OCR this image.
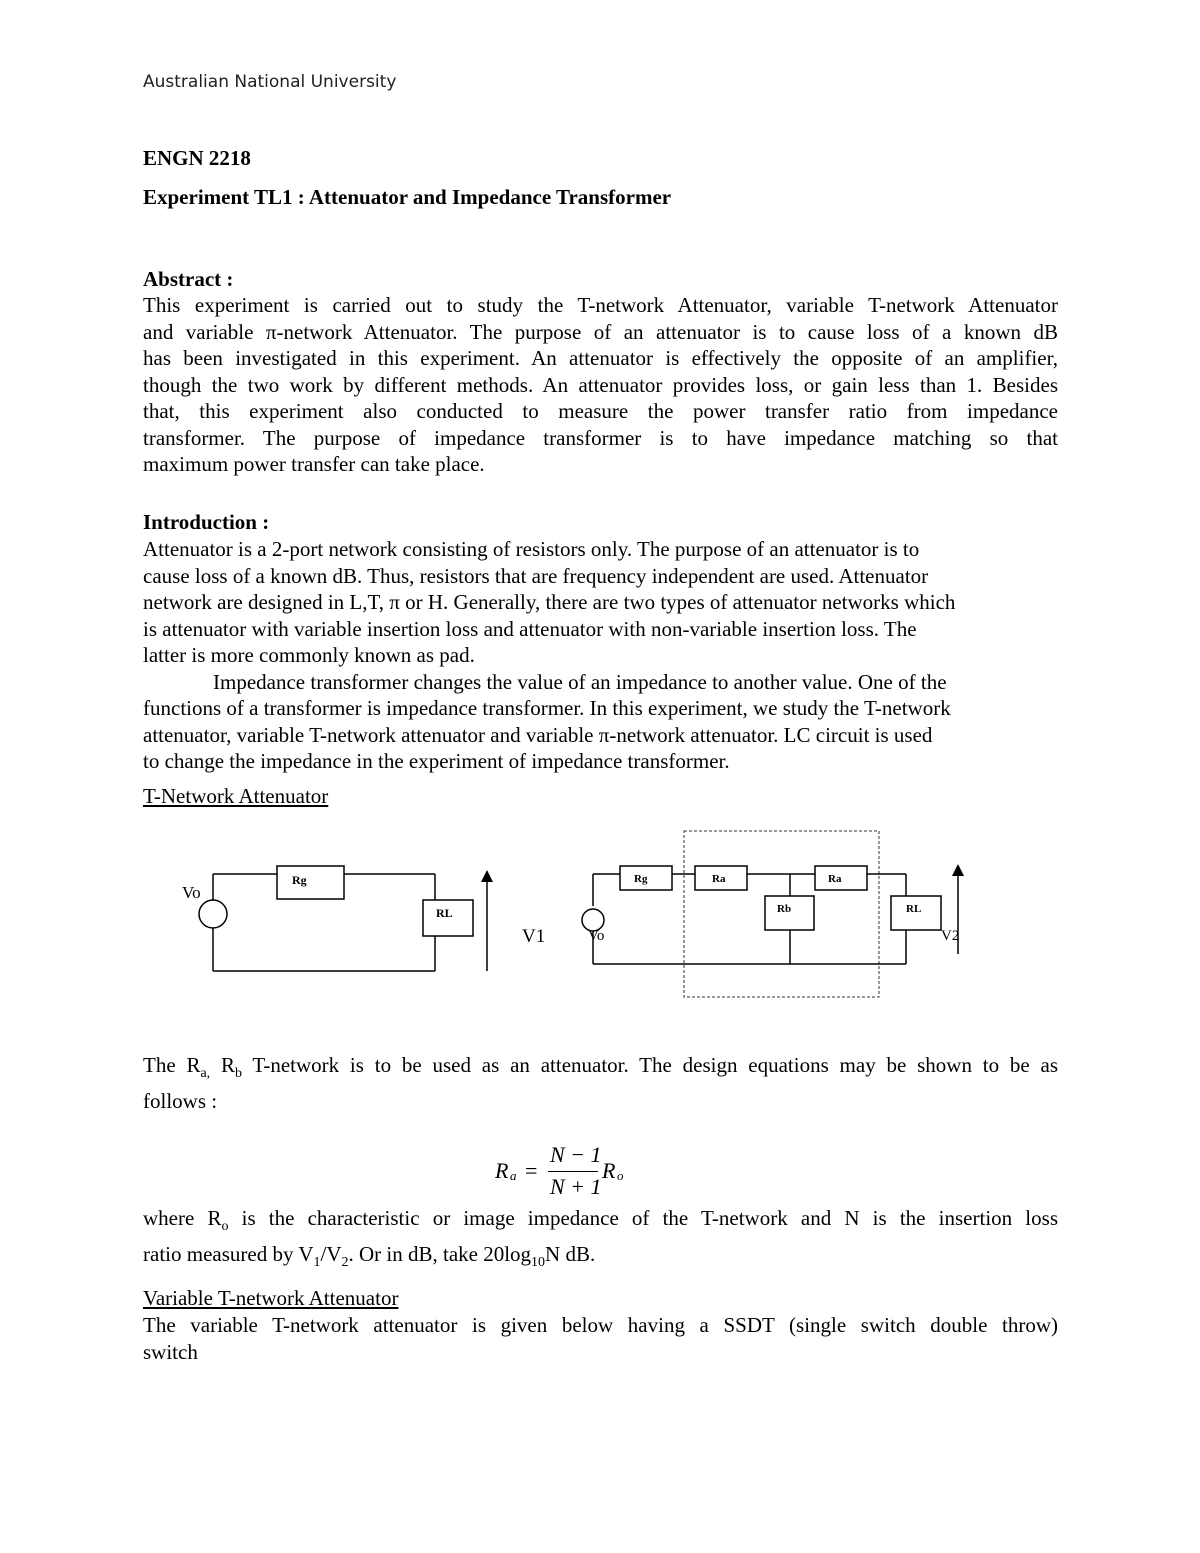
Australian National University
ENGN 2218
Experiment TL1 : Attenuator and Impedance Transformer
Abstract :
This experiment is carried out to study the T-network Attenuator, variable T-network Attenuator
and variable π-network Attenuator. The purpose of an attenuator is to cause loss of a known dB
has been investigated in this experiment. An attenuator is effectively the opposite of an amplifier,
though the two work by different methods. An attenuator provides loss, or gain less than 1. Besides
that, this experiment also conducted to measure the power transfer ratio from impedance
transformer. The purpose of impedance transformer is to have impedance matching so that
maximum power transfer can take place.
Introduction :
Attenuator is a 2-port network consisting of resistors only. The purpose of an attenuator is to
cause loss of a known dB. Thus, resistors that are frequency independent are used. Attenuator
network are designed in L,T, π or H. Generally, there are two types of attenuator networks which
is attenuator with variable insertion loss and attenuator with non-variable insertion loss. The
latter is more commonly known as pad.
Impedance transformer changes the value of an impedance to another value. One of the
functions of a transformer is impedance transformer. In this experiment, we study the T-network
attenuator, variable T-network attenuator and variable π-network attenuator. LC circuit is used
to change the impedance in the experiment of impedance transformer.
T-Network Attenuator
Vo
Rg
RL
V1
Rg	Ra	Ra
Rb	RL
Vo	V2
The $R_{a,}$ $R_b$ T-network is to be used as an attenuator. The design equations may be shown to be as
follows :
R a =
N − 1
N + 1
R o
where $R_o$ is the characteristic or image impedance of the T-network and N is the insertion loss
ratio measured by $V_1/V_2$. Or in dB, take $20\log_{10}N$ dB.
Variable T-network Attenuator
The variable T-network attenuator is given below having a SSDT (single switch double throw)
switch
